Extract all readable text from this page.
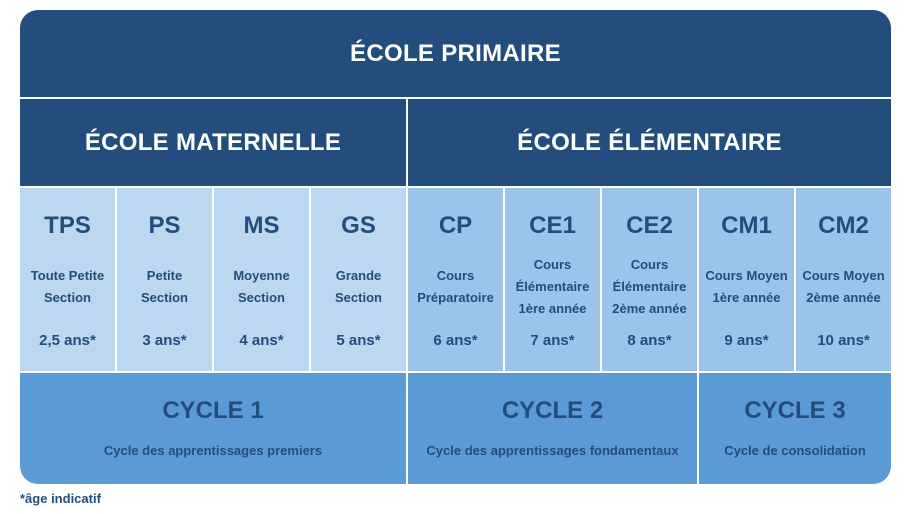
ÉCOLE PRIMAIRE
ÉCOLE MATERNELLE	ÉCOLE ÉLÉMENTAIRE
TPS
Toute Petite
Section
2,5 ans*
PS
Petite
Section
3 ans*
MS
Moyenne
Section
4 ans*
GS
Grande
Section
5 ans*
CP
Cours
Préparatoire
6 ans*
CE1
Cours
Élémentaire
1ère année
7 ans*
CE2
Cours
Élémentaire
2ème année
8 ans*
CM1
Cours Moyen
1ère année
9 ans*
CM2
Cours Moyen
2ème année
10 ans*
CYCLE 1
Cycle des apprentissages premiers
CYCLE 2
Cycle des apprentissages fondamentaux
CYCLE 3
Cycle de consolidation
*âge indicatif
